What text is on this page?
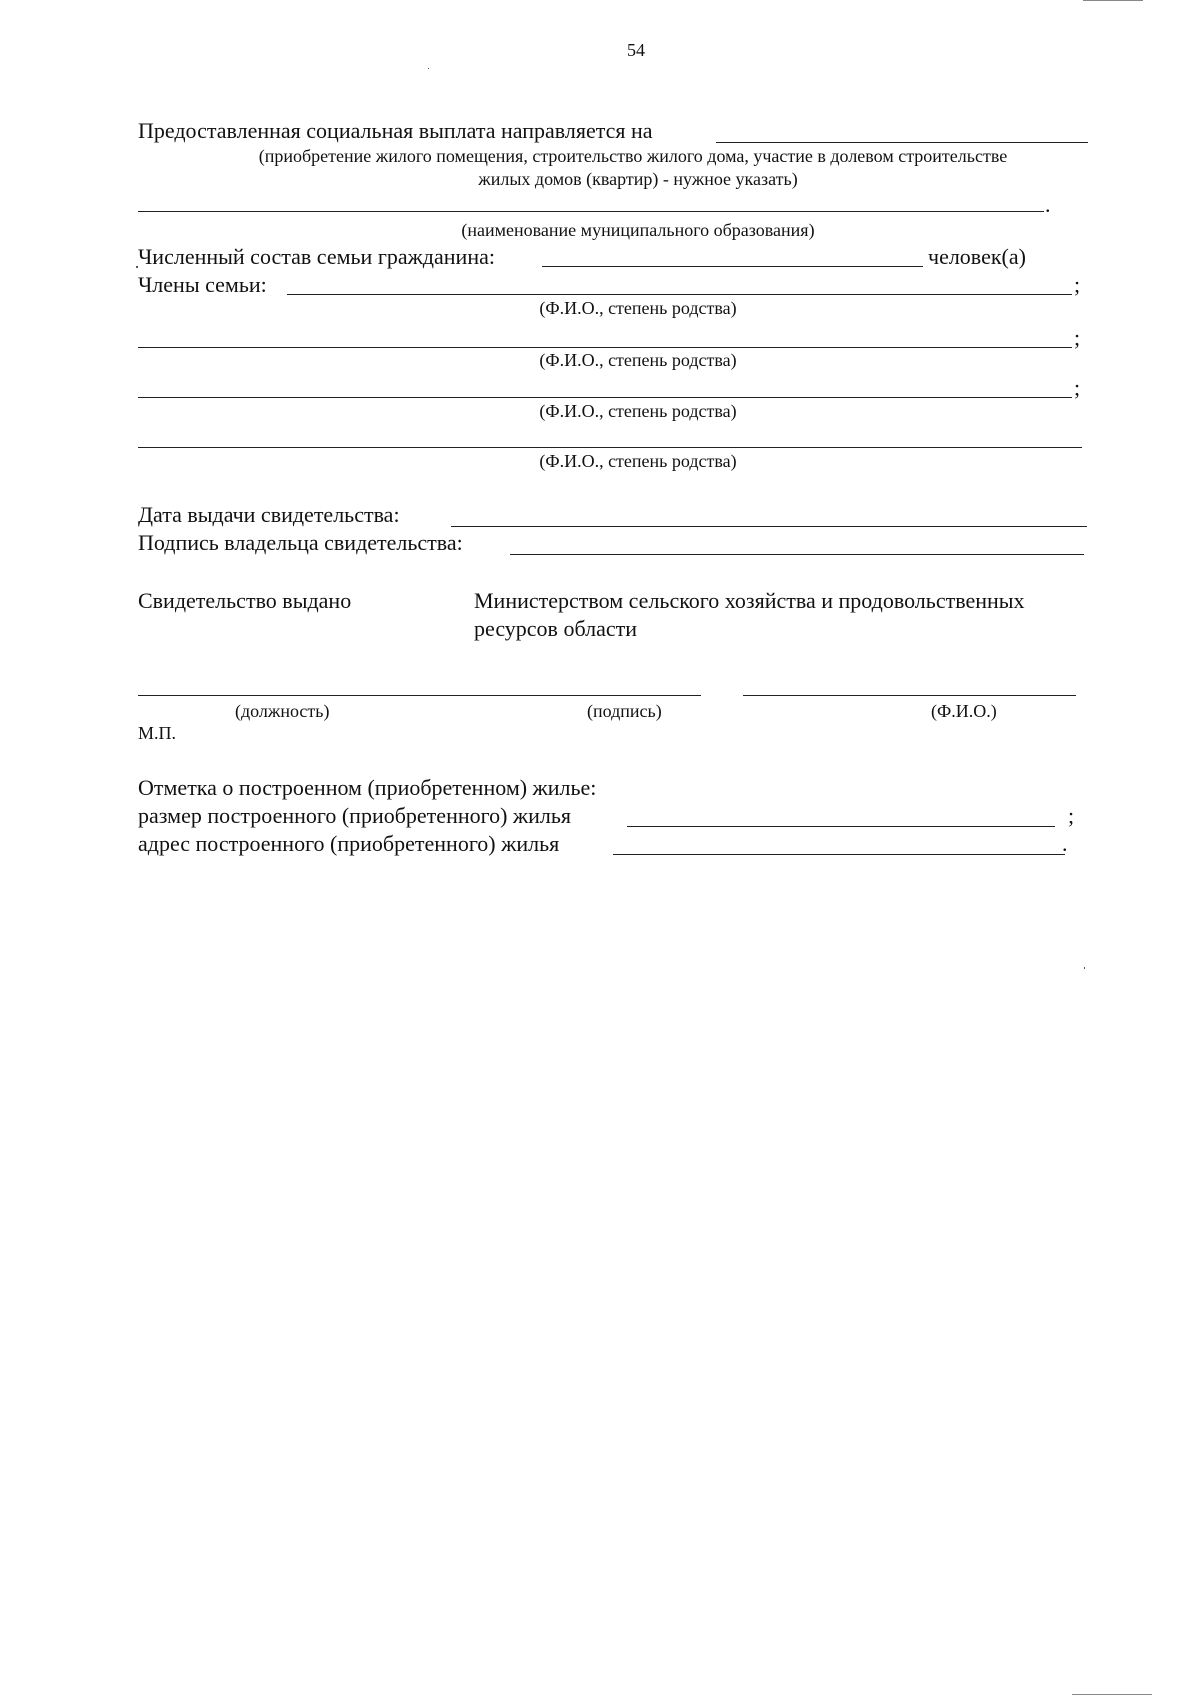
54
Предоставленная социальная выплата направляется на
(приобретение жилого помещения, строительство жилого дома, участие в долевом строительстве
жилых домов (квартир) - нужное указать)
.
(наименование муниципального образования)
Численный состав семьи гражданина:	человек(а)
Члены семьи:	;
(Ф.И.О., степень родства)
;
(Ф.И.О., степень родства)
;
(Ф.И.О., степень родства)
(Ф.И.О., степень родства)
Дата выдачи свидетельства:
Подпись владельца свидетельства:
Свидетельство выдано	Министерством сельского хозяйства и продовольственных
ресурсов области
(должность)	(подпись)	(Ф.И.О.)
М.П.
Отметка о построенном (приобретенном) жилье:
размер построенного (приобретенного) жилья	;
адрес построенного (приобретенного) жилья	.
